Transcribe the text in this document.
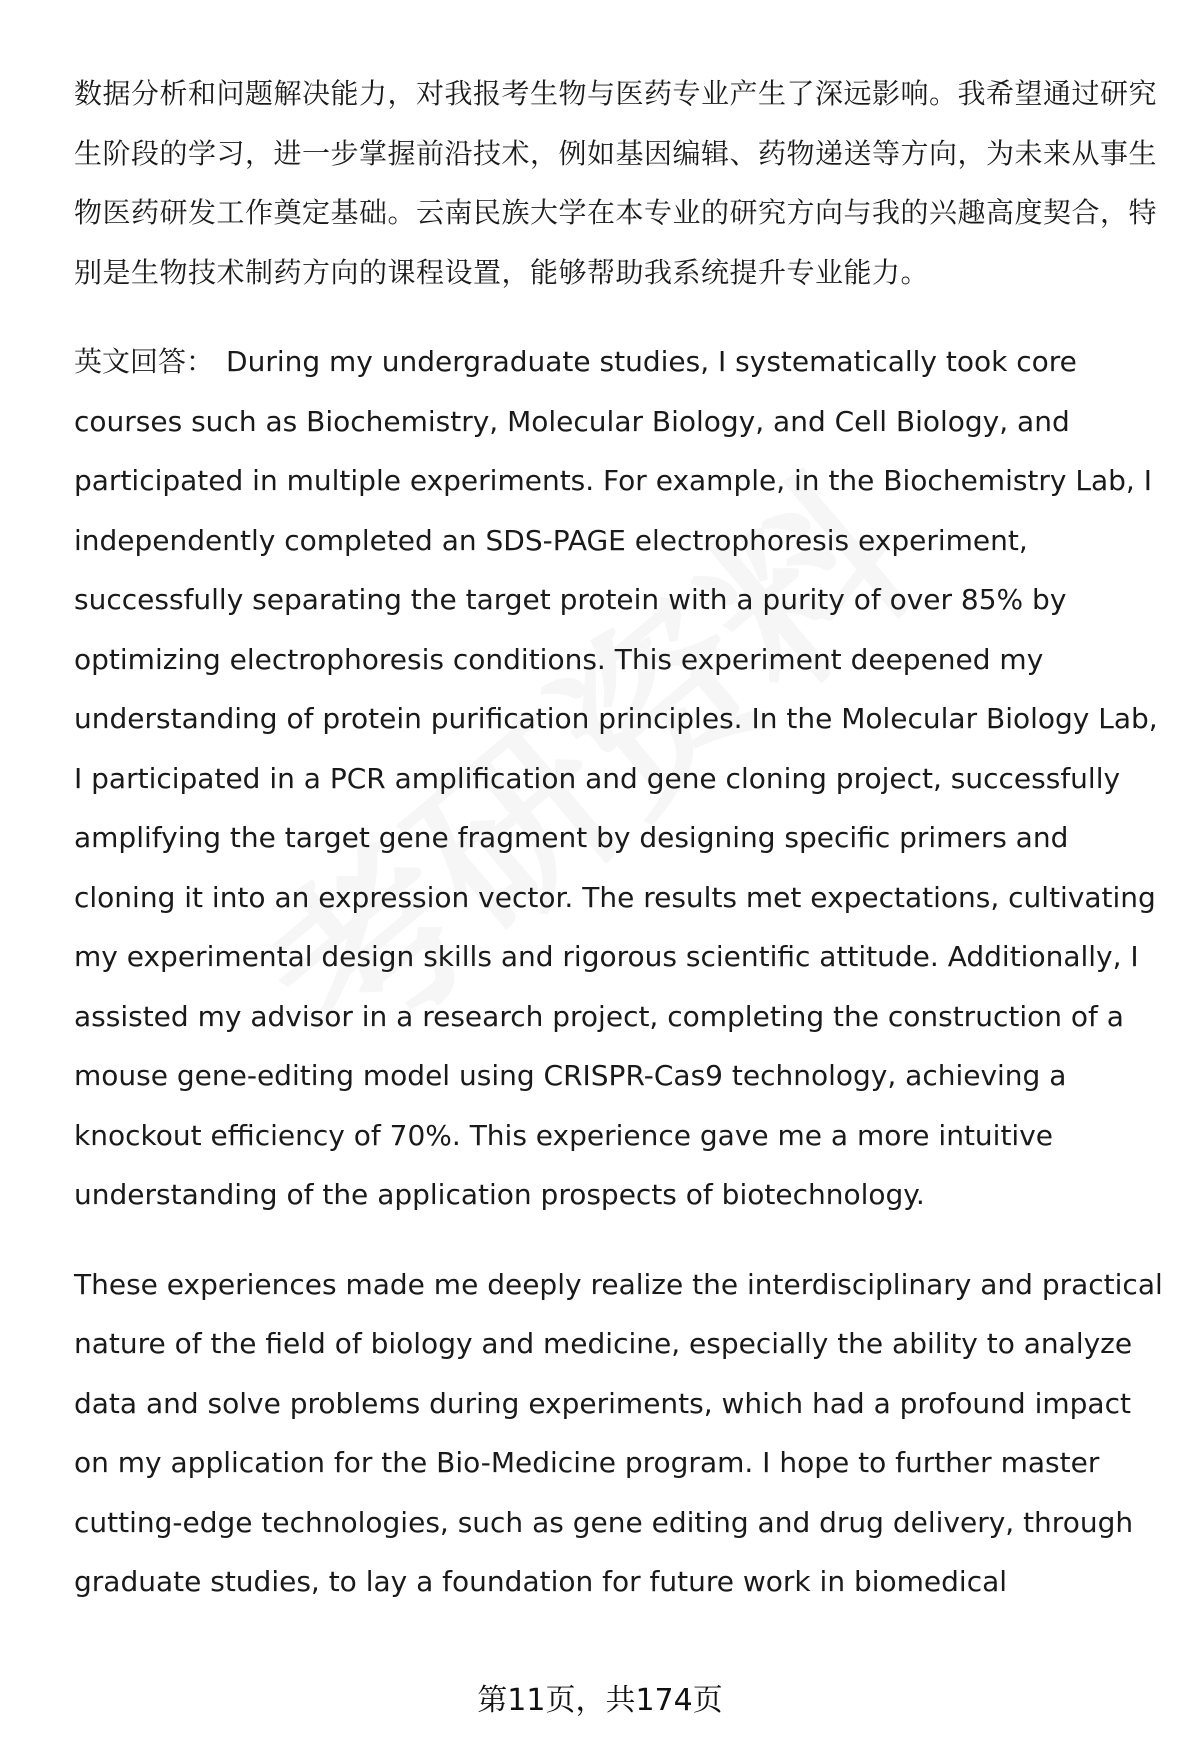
数据分析和问题解决能力，对我报考生物与医药专业产生了深远影响。我希望通过研究生阶段的学习，进一步掌握前沿技术，例如基因编辑、药物递送等方向，为未来从事生物医药研发工作奠定基础。云南民族大学在本专业的研究方向与我的兴趣高度契合，特别是生物技术制药方向的课程设置，能够帮助我系统提升专业能力。

英文回答： During my undergraduate studies, I systematically took core courses such as Biochemistry, Molecular Biology, and Cell Biology, and participated in multiple experiments. For example, in the Biochemistry Lab, I independently completed an SDS-PAGE electrophoresis experiment, successfully separating the target protein with a purity of over 85% by optimizing electrophoresis conditions. This experiment deepened my understanding of protein purification principles. In the Molecular Biology Lab, I participated in a PCR amplification and gene cloning project, successfully amplifying the target gene fragment by designing specific primers and cloning it into an expression vector. The results met expectations, cultivating my experimental design skills and rigorous scientific attitude. Additionally, I assisted my advisor in a research project, completing the construction of a mouse gene-editing model using CRISPR-Cas9 technology, achieving a knockout efficiency of 70%. This experience gave me a more intuitive understanding of the application prospects of biotechnology.

These experiences made me deeply realize the interdisciplinary and practical nature of the field of biology and medicine, especially the ability to analyze data and solve problems during experiments, which had a profound impact on my application for the Bio-Medicine program. I hope to further master cutting-edge technologies, such as gene editing and drug delivery, through graduate studies, to lay a foundation for future work in biomedical

第11页，共174页
